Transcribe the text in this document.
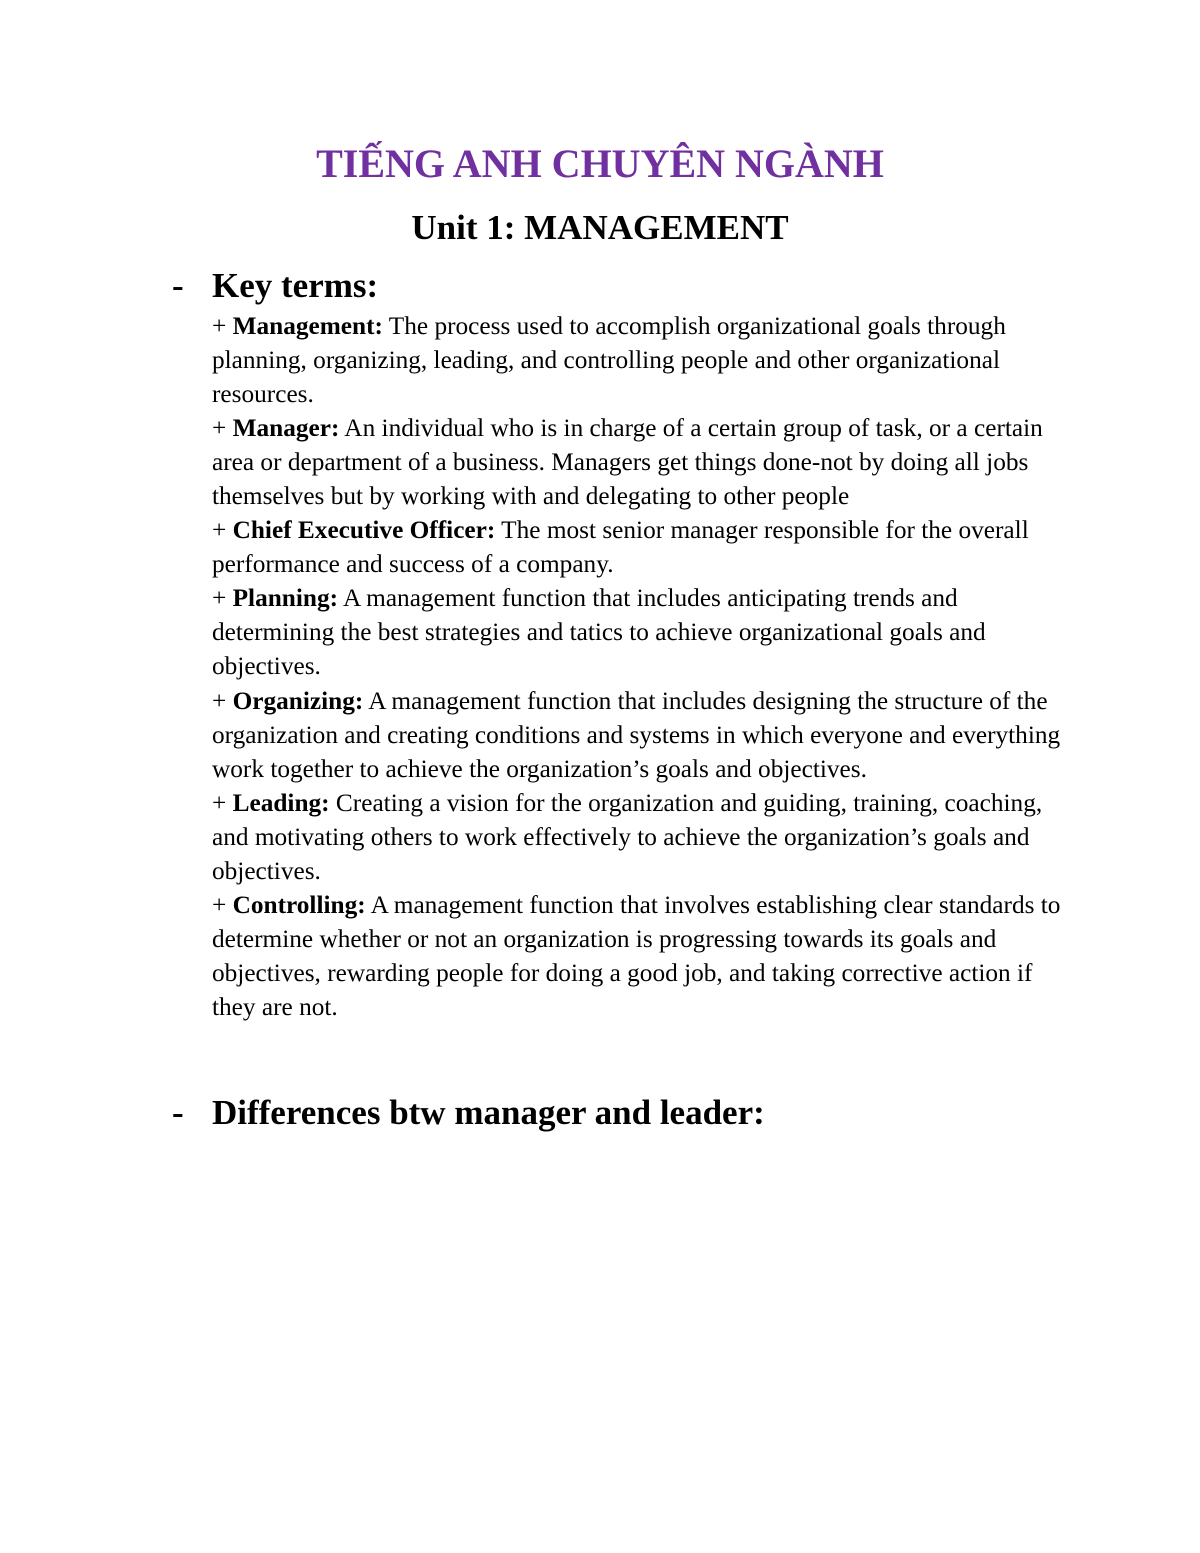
TIẾNG ANH CHUYÊN NGÀNH
Unit 1: MANAGEMENT
- Key terms:

+ Management: The process used to accomplish organizational goals through planning, organizing, leading, and controlling people and other organizational resources.

+ Manager: An individual who is in charge of a certain group of task, or a certain area or department of a business. Managers get things done-not by doing all jobs themselves but by working with and delegating to other people

+ Chief Executive Officer: The most senior manager responsible for the overall performance and success of a company.

+ Planning: A management function that includes anticipating trends and determining the best strategies and tatics to achieve organizational goals and objectives.

+ Organizing: A management function that includes designing the structure of the organization and creating conditions and systems in which everyone and everything work together to achieve the organization’s goals and objectives.

+ Leading: Creating a vision for the organization and guiding, training, coaching, and motivating others to work effectively to achieve the organization’s goals and objectives.

+ Controlling: A management function that involves establishing clear standards to determine whether or not an organization is progressing towards its goals and objectives, rewarding people for doing a good job, and taking corrective action if they are not.

- Differences btw manager and leader:
